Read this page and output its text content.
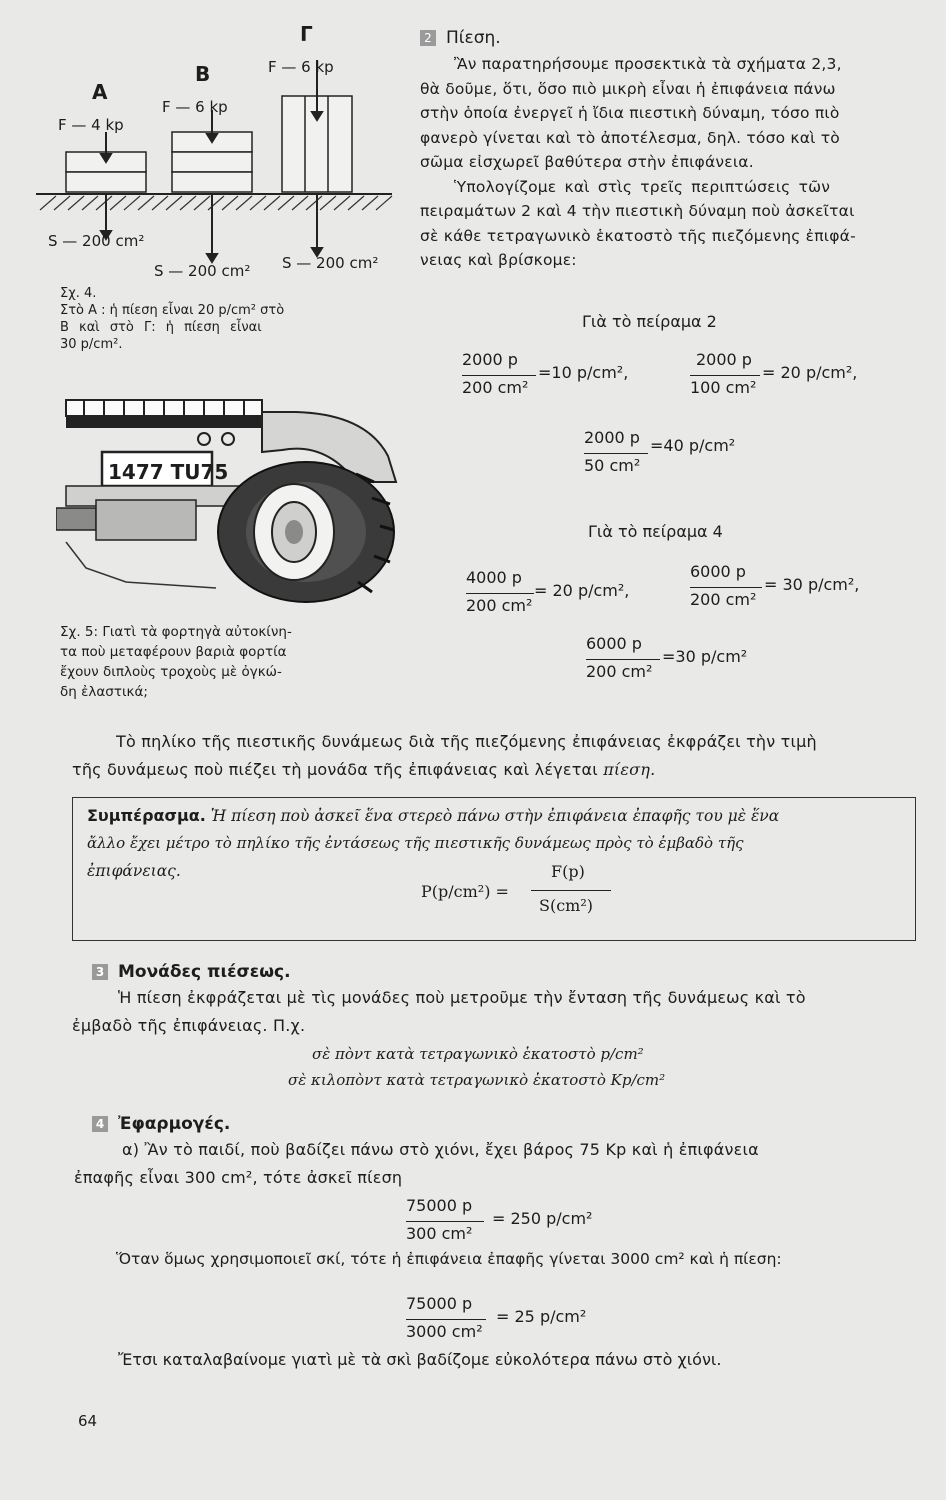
Γ
Β
Α
F — 6 kp
F — 6 kp
F — 4 kp
S — 200 cm²
S — 200 cm² S — 200 cm²
Σχ. 4.
Στὸ Α : ἡ πίεση εἶναι 20 p/cm² στὸ
Β καὶ στὸ Γ: ἡ πίεση εἶναι
30 p/cm².
1477 TU75
Σχ. 5: Γιατὶ τὰ φορτηγὰ αὐτοκίνη-
τα ποὺ μεταφέρουν βαριὰ φορτία
ἔχουν διπλοὺς τροχοὺς μὲ ὀγκώ-
δη ἐλαστικά;
2 Πίεση.
Ἂν παρατηρήσουμε προσεκτικὰ τὰ σχήματα 2,3,
θὰ δοῦμε, ὅτι, ὅσο πιὸ μικρὴ εἶναι ἡ ἐπιφάνεια πάνω
στὴν ὁποία ἐνεργεῖ ἡ ἴδια πιεστικὴ δύναμη, τόσο πιὸ
φανερὸ γίνεται καὶ τὸ ἀποτέλεσμα, δηλ. τόσο καὶ τὸ
σῶμα εἰσχωρεῖ βαθύτερα στὴν ἐπιφάνεια.
Ὑπολογίζομε καὶ στὶς τρεῖς περιπτώσεις τῶν
πειραμάτων 2 καὶ 4 τὴν πιεστικὴ δύναμη ποὺ ἀσκεῖται
σὲ κάθε τετραγωνικὸ ἑκατοστὸ τῆς πιεζόμενης ἐπιφά-
νειας καὶ βρίσκομε:
Γιὰ τὸ πείραμα 2
2000 p
200 cm²
=10 p/cm²,
2000 p
100 cm²
= 20 p/cm²,
2000 p
50 cm²
=40 p/cm²
Γιὰ τὸ πείραμα 4
4000 p
200 cm²
= 20 p/cm²,
6000 p
200 cm²
= 30 p/cm²,
6000 p
200 cm²
=30 p/cm²
Τὸ πηλίκο τῆς πιεστικῆς δυνάμεως διὰ τῆς πιεζόμενης ἐπιφάνειας ἐκφράζει τὴν τιμὴ
τῆς δυνάμεως ποὺ πιέζει τὴ μονάδα τῆς ἐπιφάνειας καὶ λέγεται πίεση.
Συμπέρασμα. Ἡ πίεση ποὺ ἀσκεῖ ἕνα στερεὸ πάνω στὴν ἐπιφάνεια ἐπαφῆς του μὲ ἕνα
ἄλλο ἔχει μέτρο τὸ πηλίκο τῆς ἐντάσεως τῆς πιεστικῆς δυνάμεως πρὸς τὸ ἐμβαδὸ τῆς
ἐπιφάνειας.
P(p/cm²) =
F(p)
S(cm²)
3 Μονάδες πιέσεως.
Ἡ πίεση ἐκφράζεται μὲ τὶς μονάδες ποὺ μετροῦμε τὴν ἔνταση τῆς δυνάμεως καὶ τὸ
ἐμβαδὸ τῆς ἐπιφάνειας. Π.χ.
σὲ πὸντ κατὰ τετραγωνικὸ ἑκατοστὸ p/cm²
σὲ κιλοπὸντ κατὰ τετραγωνικὸ ἑκατοστὸ Kp/cm²
4 Ἐφαρμογές.
α) Ἂν τὸ παιδί, ποὺ βαδίζει πάνω στὸ χιόνι, ἔχει βάρος 75 Kp καὶ ἡ ἐπιφάνεια
ἐπαφῆς εἶναι 300 cm², τότε ἀσκεῖ πίεση
75000 p
300 cm²
= 250 p/cm²
Ὅταν ὅμως χρησιμοποιεῖ σκί, τότε ἡ ἐπιφάνεια ἐπαφῆς γίνεται 3000 cm² καὶ ἡ πίεση:
75000 p
3000 cm²
= 25 p/cm²
Ἔτσι καταλαβαίνομε γιατὶ μὲ τὰ σκὶ βαδίζομε εὐκολότερα πάνω στὸ χιόνι.
64
